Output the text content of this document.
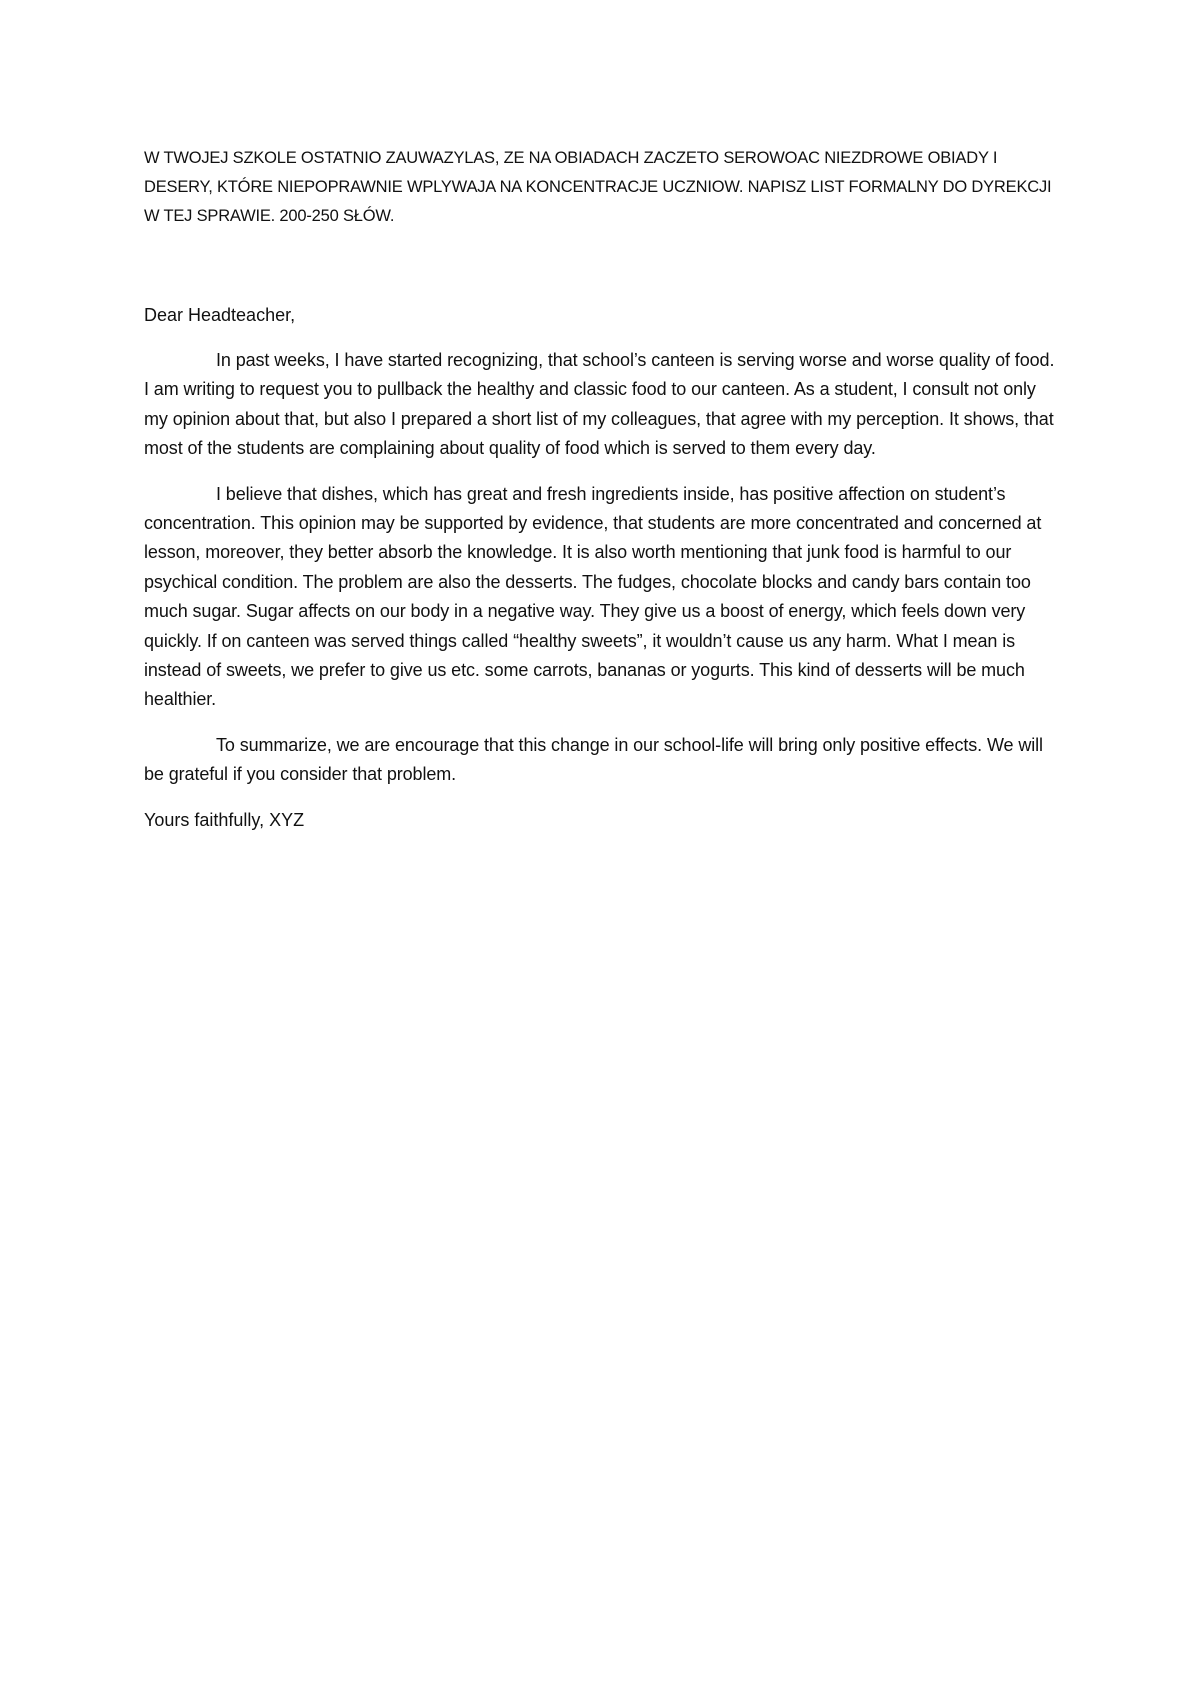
W TWOJEJ SZKOLE OSTATNIO ZAUWAZYLAS, ZE NA OBIADACH ZACZETO SEROWOAC NIEZDROWE OBIADY I DESERY, KTÓRE NIEPOPRAWNIE WPLYWAJA NA KONCENTRACJE UCZNIOW. NAPISZ LIST FORMALNY DO DYREKCJI W TEJ SPRAWIE. 200-250 SŁÓW.

Dear Headteacher,

In past weeks, I have started recognizing, that school’s canteen is serving worse and worse quality of food. I am writing to request you to pullback the healthy and classic food to our canteen. As a student, I consult not only my opinion about that, but also I prepared a short list of my colleagues, that agree with my perception. It shows, that most of the students are complaining about quality of food which is served to them every day.

I believe that dishes, which has great and fresh ingredients inside, has positive affection on student’s concentration. This opinion may be supported by evidence, that students are more concentrated and concerned at lesson, moreover, they better absorb the knowledge. It is also worth mentioning that junk food is harmful to our psychical condition. The problem are also the desserts. The fudges, chocolate blocks and candy bars contain too much sugar. Sugar affects on our body in a negative way. They give us a boost of energy, which feels down very quickly. If on canteen was served things called “healthy sweets”, it wouldn’t cause us any harm. What I mean is instead of sweets, we prefer to give us etc. some carrots, bananas or yogurts. This kind of desserts will be much healthier.

To summarize, we are encourage that this change in our school-life will bring only positive effects. We will be grateful if you consider that problem.

Yours faithfully, XYZ
